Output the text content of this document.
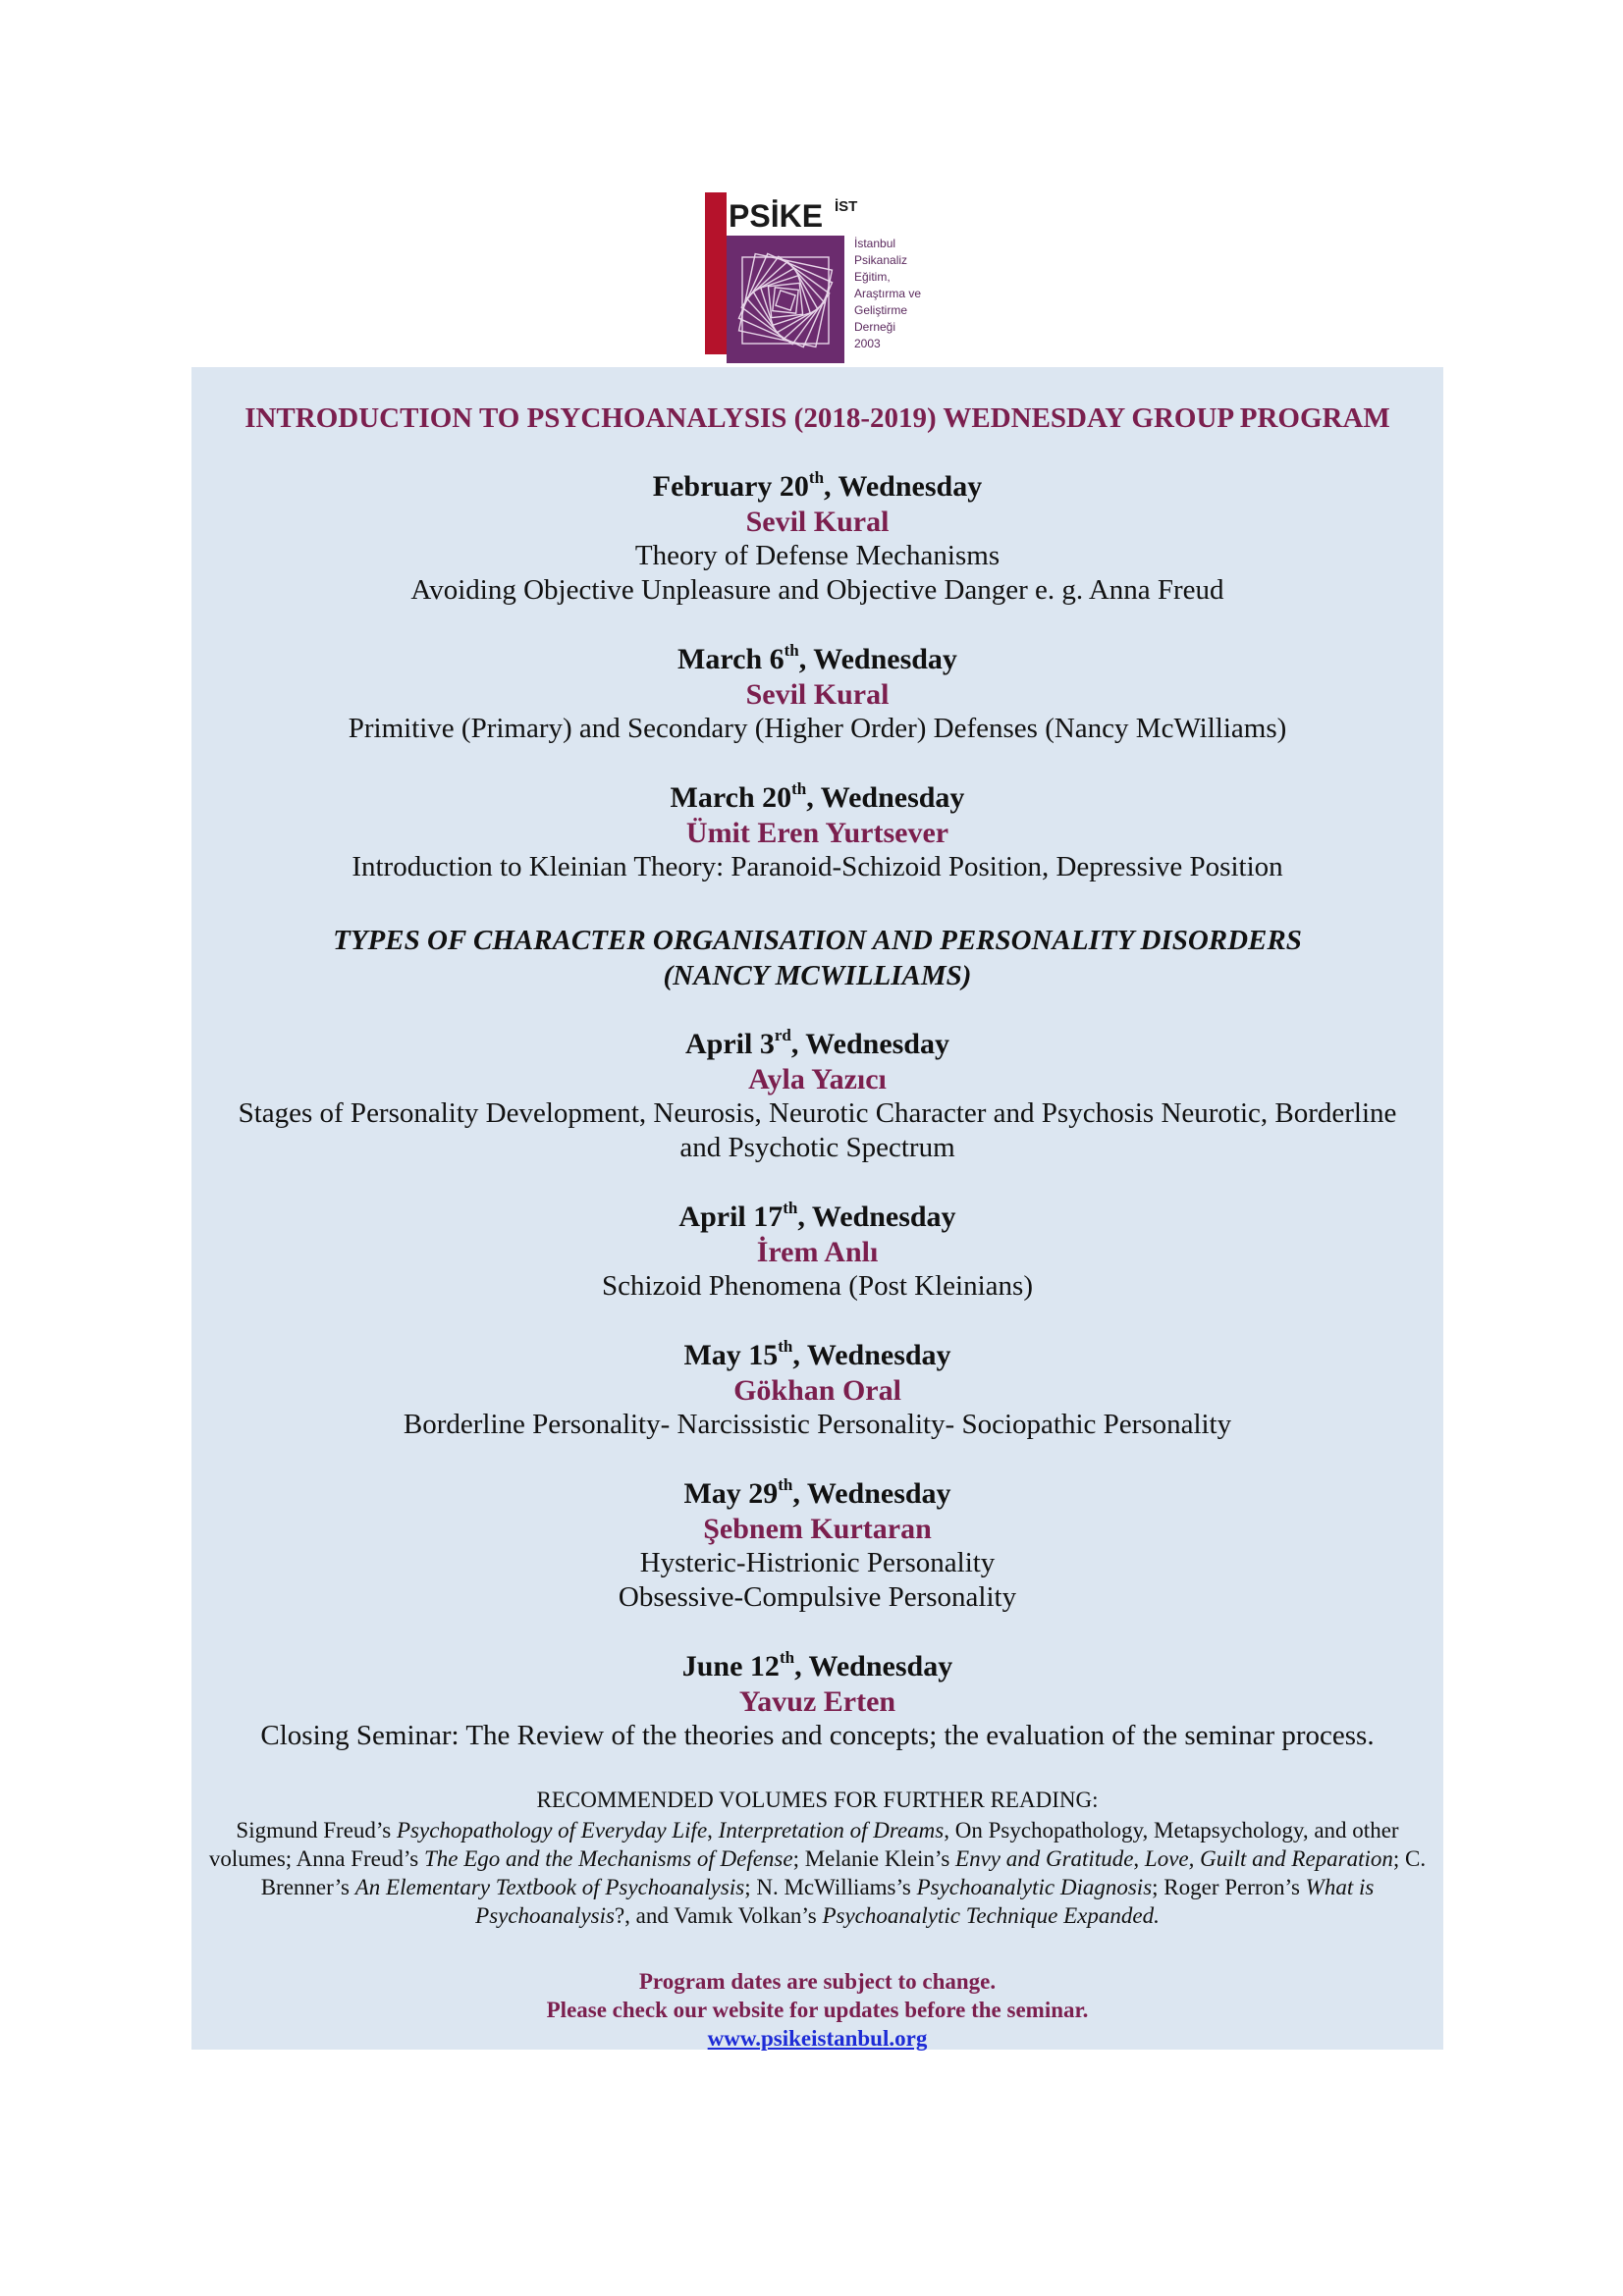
15. YIL PSİKE İST
İstanbul
Psikanaliz
Eğitim,
Araştırma ve
Geliştirme
Derneği
2003
INTRODUCTION TO PSYCHOANALYSIS (2018-2019) WEDNESDAY GROUP PROGRAM
February 20th, Wednesday
Sevil Kural
Theory of Defense Mechanisms
Avoiding Objective Unpleasure and Objective Danger e. g. Anna Freud
March 6th, Wednesday
Sevil Kural
Primitive (Primary) and Secondary (Higher Order) Defenses (Nancy McWilliams)
March 20th, Wednesday
Ümit Eren Yurtsever
Introduction to Kleinian Theory: Paranoid-Schizoid Position, Depressive Position
TYPES OF CHARACTER ORGANISATION AND PERSONALITY DISORDERS
(NANCY MCWILLIAMS)
April 3rd, Wednesday
Ayla Yazıcı
Stages of Personality Development, Neurosis, Neurotic Character and Psychosis Neurotic, Borderline
and Psychotic Spectrum
April 17th, Wednesday
İrem Anlı
Schizoid Phenomena (Post Kleinians)
May 15th, Wednesday
Gökhan Oral
Borderline Personality- Narcissistic Personality- Sociopathic Personality
May 29th, Wednesday
Şebnem Kurtaran
Hysteric-Histrionic Personality
Obsessive-Compulsive Personality
June 12th, Wednesday
Yavuz Erten
Closing Seminar: The Review of the theories and concepts; the evaluation of the seminar process.
RECOMMENDED VOLUMES FOR FURTHER READING:
Sigmund Freud’s Psychopathology of Everyday Life, Interpretation of Dreams, On Psychopathology, Metapsychology, and other volumes; Anna Freud’s The Ego and the Mechanisms of Defense; Melanie Klein’s Envy and Gratitude, Love, Guilt and Reparation; C. Brenner’s An Elementary Textbook of Psychoanalysis; N. McWilliams’s Psychoanalytic Diagnosis; Roger Perron’s What is Psychoanalysis?, and Vamık Volkan’s Psychoanalytic Technique Expanded.
Program dates are subject to change.
Please check our website for updates before the seminar.
www.psikeistanbul.org
